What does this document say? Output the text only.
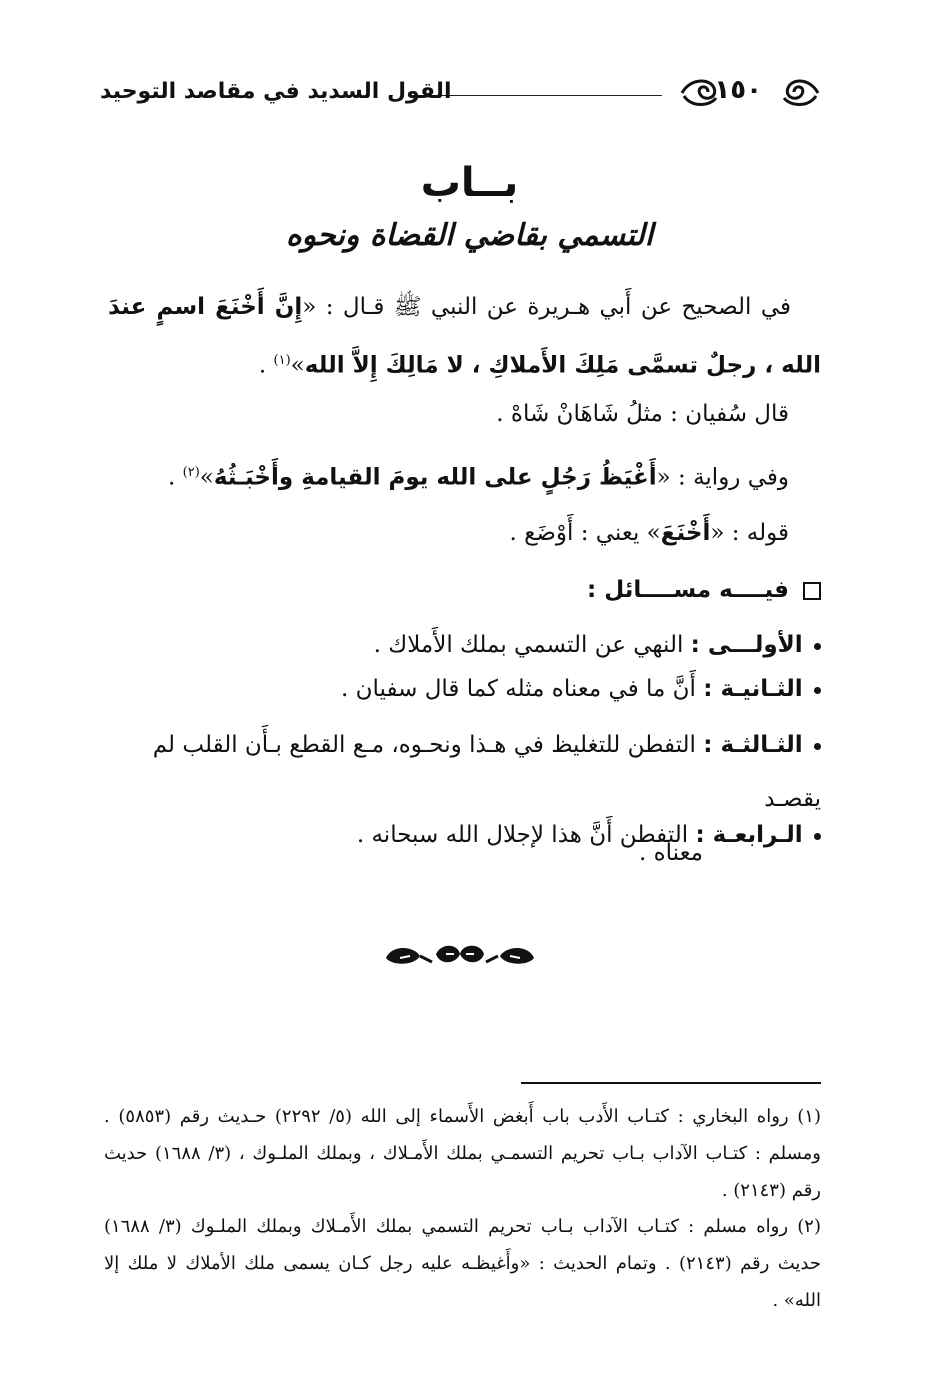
١٥٠
القول السديد في مقاصد التوحيد
بــاب
التسمي بقاضي القضاة ونحوه
في الصحيح عن أَبي هـريرة عن النبي ﷺ قـال : «إِنَّ أَخْنَعَ اسمٍ عندَ الله ، رجلٌ تسمَّى مَلِكَ الأَملاكِ ، لا مَالِكَ إِلاَّ الله»$^{(١)}$ .
قال سُفيان : مثلُ شَاهَانْ شَاهْ .
وفي رواية : «أَغْيَظُ رَجُلٍ على الله يومَ القيامةِ وأَخْبَـثُهُ»$^{(٢)}$ .
قوله : «أَخْنَعَ» يعني : أَوْضَع .
فيــــه مســــائل :
الأولـــى : النهي عن التسمي بملك الأَملاك .
الثـانيـة : أَنَّ ما في معناه مثله كما قال سفيان .
الثـالثـة : التفطن للتغليظ في هـذا ونحـوه، مـع القطع بـأَن القلب لم يقصـد
معناه .
الـرابعـة : التفطن أَنَّ هذا لإجلال الله سبحانه .
(١) رواه البخاري : كتـاب الأَدب باب أَبغض الأَسماء إلى الله (٥/ ٢٢٩٢) حـديث رقم (٥٨٥٣) . ومسلم : كتـاب الآداب بـاب تحريم التسمـي بملك الأَمـلاك ، وبملك الملـوك ، (٣/ ١٦٨٨) حديث رقم (٢١٤٣) .
(٢) رواه مسلم : كتـاب الآداب بـاب تحريم التسمي بملك الأَمـلاك وبملك الملـوك (٣/ ١٦٨٨) حديث رقم (٢١٤٣) . وتمام الحديث : «وأَغيظـه عليه رجل كـان يسمى ملك الأملاك لا ملك إلا الله» .
